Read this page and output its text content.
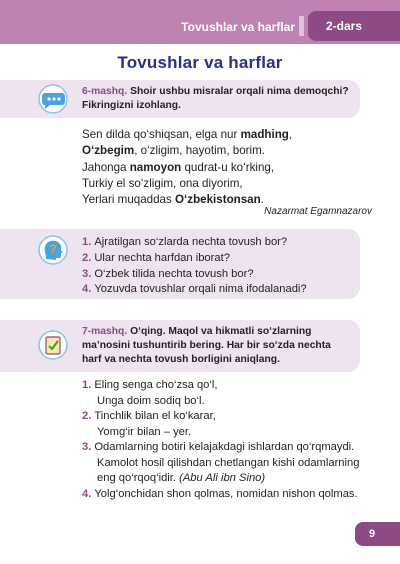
Tovushlar va harflar	2-dars
Tovushlar va harflar
6-mashq. Shoir ushbu misralar orqali nima demoqchi? Fikringizni izohlang.
Sen dilda qo‘shiqsan, elga nur madhing,
O‘zbegim, o‘zligim, hayotim, borim.
Jahonga namoyon qudrat-u ko‘rking,
Turkiy el so‘zligim, ona diyorim,
Yerlari muqaddas O‘zbekistonsan.
Nazarmat Egamnazarov
? 1. Ajratilgan so‘zlarda nechta tovush bor?
2. Ular nechta harfdan iborat?
3. O‘zbek tilida nechta tovush bor?
4. Yozuvda tovushlar orqali nima ifodalanadi?
7-mashq. O‘qing. Maqol va hikmatli so‘zlarning ma’nosini tushuntirib bering. Har bir so‘zda nechta harf va nechta tovush borligini aniqlang.
1. Eling senga cho‘zsa qo‘l,
Unga doim sodiq bo‘l.
2. Tinchlik bilan el ko‘karar,
Yomg‘ir bilan – yer.
3. Odamlarning botiri kelajakdagi ishlardan qo‘rqmaydi.
Kamolot hosil qilishdan chetlangan kishi odamlarning
eng qo‘rqoq‘idir. (Abu Ali ibn Sino)
4. Yolg‘onchidan shon qolmas, nomidan nishon qolmas.
9
